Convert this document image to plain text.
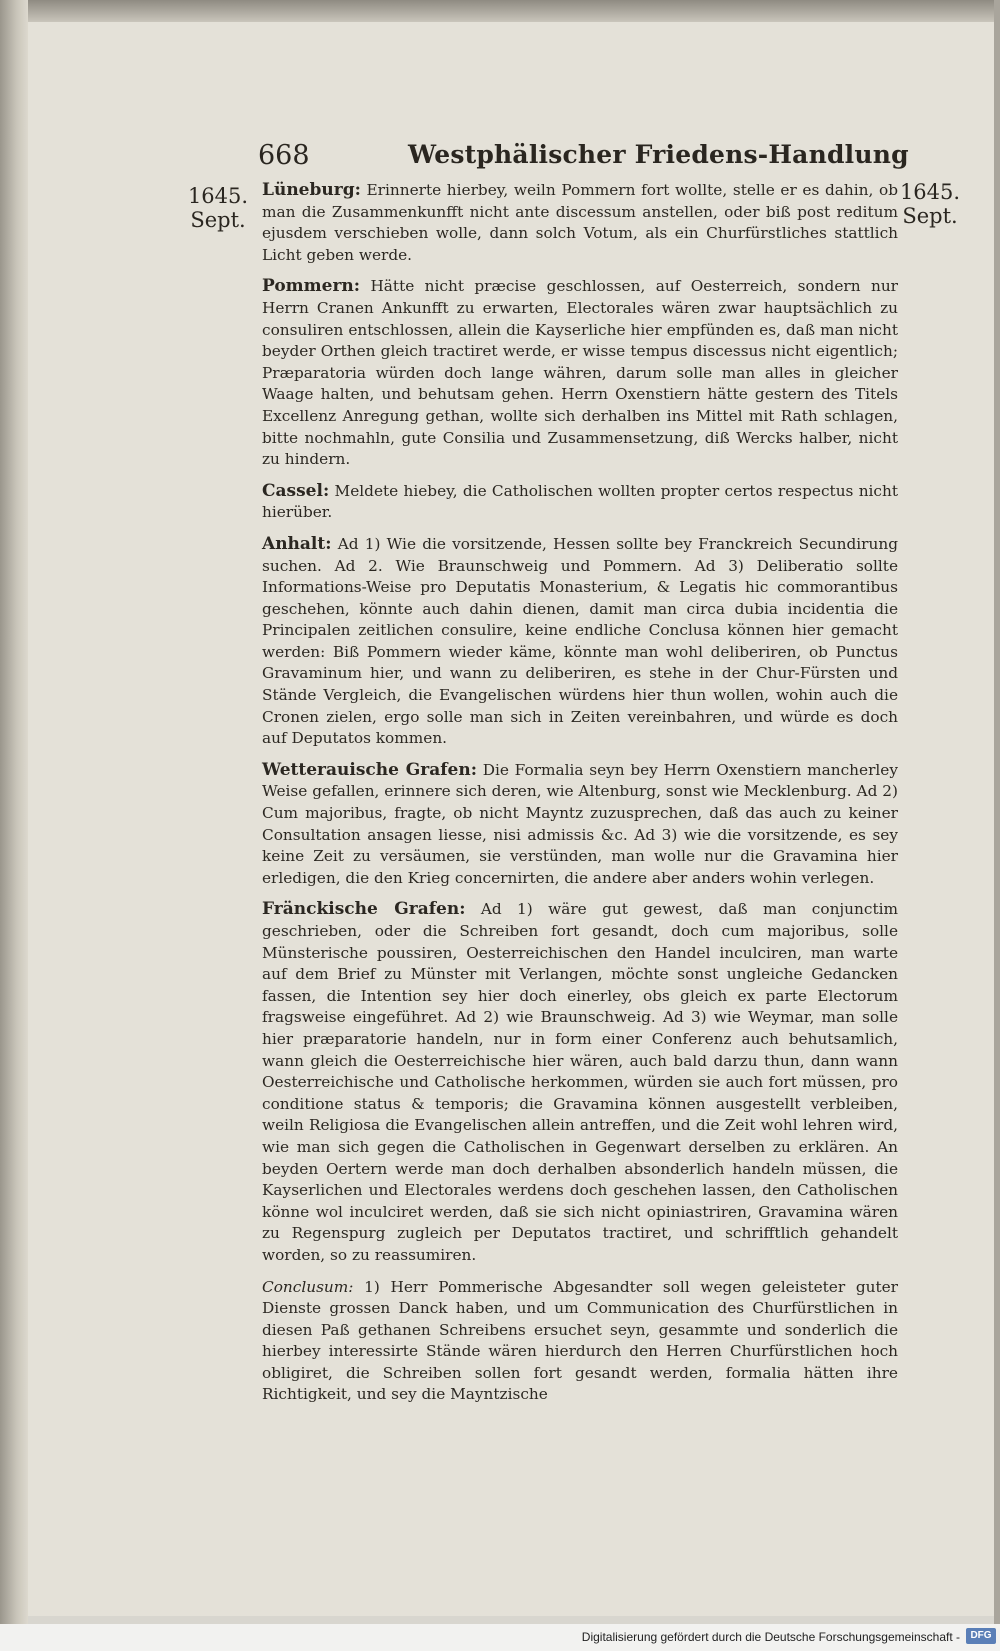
668	Westphälischer Friedens-Handlung
1645.
Sept.
1645.
Sept.

Lüneburg: Erinnerte hierbey, weiln Pommern fort wollte, stelle er es dahin, ob man die Zusammenkunfft nicht ante discessum anstellen, oder biß post reditum ejusdem verschieben wolle, dann solch Votum, als ein Churfürstliches stattlich Licht geben werde.

Pommern: Hätte nicht præcise geschlossen, auf Oesterreich, sondern nur Herrn Cranen Ankunfft zu erwarten, Electorales wären zwar hauptsächlich zu consuliren entschlossen, allein die Kayserliche hier empfünden es, daß man nicht beyder Orthen gleich tractiret werde, er wisse tempus discessus nicht eigentlich; Præparatoria würden doch lange währen, darum solle man alles in gleicher Waage halten, und behutsam gehen. Herrn Oxenstiern hätte gestern des Titels Excellenz Anregung gethan, wollte sich derhalben ins Mittel mit Rath schlagen, bitte nochmahln, gute Consilia und Zusammensetzung, diß Wercks halber, nicht zu hindern.

Cassel: Meldete hiebey, die Catholischen wollten propter certos respectus nicht hierüber.

Anhalt: Ad 1) Wie die vorsitzende, Hessen sollte bey Franckreich Secundirung suchen. Ad 2. Wie Braunschweig und Pommern. Ad 3) Deliberatio sollte Informations-Weise pro Deputatis Monasterium, & Legatis hic commorantibus geschehen, könnte auch dahin dienen, damit man circa dubia incidentia die Principalen zeitlichen consulire, keine endliche Conclusa können hier gemacht werden: Biß Pommern wieder käme, könnte man wohl deliberiren, ob Punctus Gravaminum hier, und wann zu deliberiren, es stehe in der Chur-Fürsten und Stände Vergleich, die Evangelischen würdens hier thun wollen, wohin auch die Cronen zielen, ergo solle man sich in Zeiten vereinbahren, und würde es doch auf Deputatos kommen.

Wetterauische Grafen: Die Formalia seyn bey Herrn Oxenstiern mancherley Weise gefallen, erinnere sich deren, wie Altenburg, sonst wie Mecklenburg. Ad 2) Cum majoribus, fragte, ob nicht Mayntz zuzusprechen, daß das auch zu keiner Consultation ansagen liesse, nisi admissis &c. Ad 3) wie die vorsitzende, es sey keine Zeit zu versäumen, sie verstünden, man wolle nur die Gravamina hier erledigen, die den Krieg concernirten, die andere aber anders wohin verlegen.

Fränckische Grafen: Ad 1) wäre gut gewest, daß man conjunctim geschrieben, oder die Schreiben fort gesandt, doch cum majoribus, solle Münsterische poussiren, Oesterreichischen den Handel inculciren, man warte auf dem Brief zu Münster mit Verlangen, möchte sonst ungleiche Gedancken fassen, die Intention sey hier doch einerley, obs gleich ex parte Electorum fragsweise eingeführet. Ad 2) wie Braunschweig. Ad 3) wie Weymar, man solle hier præparatorie handeln, nur in form einer Conferenz auch behutsamlich, wann gleich die Oesterreichische hier wären, auch bald darzu thun, dann wann Oesterreichische und Catholische herkommen, würden sie auch fort müssen, pro conditione status & temporis; die Gravamina können ausgestellt verbleiben, weiln Religiosa die Evangelischen allein antreffen, und die Zeit wohl lehren wird, wie man sich gegen die Catholischen in Gegenwart derselben zu erklären. An beyden Oertern werde man doch derhalben absonderlich handeln müssen, die Kayserlichen und Electorales werdens doch geschehen lassen, den Catholischen könne wol inculciret werden, daß sie sich nicht opiniastriren, Gravamina wären zu Regenspurg zugleich per Deputatos tractiret, und schrifftlich gehandelt worden, so zu reassumiren.

Conclusum: 1) Herr Pommerische Abgesandter soll wegen geleisteter guter Dienste grossen Danck haben, und um Communication des Churfürstlichen in diesen Paß gethanen Schreibens ersuchet seyn, gesammte und sonderlich die hierbey interessirte Stände wären hierdurch den Herren Churfürstlichen hoch obligiret, die Schreiben sollen fort gesandt werden, formalia hätten ihre Richtigkeit, und sey die Mayntzische

Digitalisierung gefördert durch die Deutsche Forschungsgemeinschaft -	DFG
